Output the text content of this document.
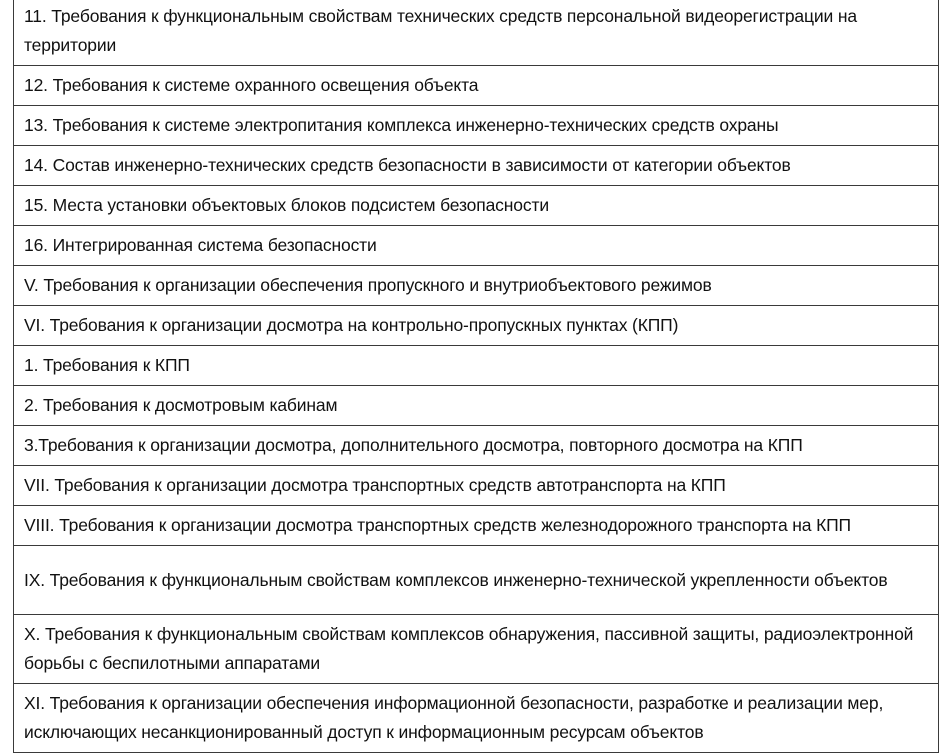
11. Требования к функциональным свойствам технических средств персональной видеорегистрации на территории
12. Требования к системе охранного освещения объекта
13. Требования к системе электропитания комплекса инженерно-технических средств охраны
14. Состав инженерно-технических средств безопасности в зависимости от категории объектов
15. Места установки объектовых блоков подсистем безопасности
16. Интегрированная система безопасности
V. Требования к организации обеспечения пропускного и внутриобъектового режимов
VI. Требования к организации досмотра на контрольно-пропускных пунктах (КПП)
1. Требования к КПП
2. Требования к досмотровым кабинам
3.Требования к организации досмотра, дополнительного досмотра, повторного досмотра на КПП
VII. Требования к организации досмотра транспортных средств автотранспорта на КПП
VIII. Требования к организации досмотра транспортных средств железнодорожного транспорта на КПП
IX. Требования к функциональным свойствам комплексов инженерно-технической укрепленности объектов
X. Требования к функциональным свойствам комплексов обнаружения, пассивной защиты, радиоэлектронной борьбы с беспилотными аппаратами
XI. Требования к организации обеспечения информационной безопасности, разработке и реализации мер, исключающих несанкционированный доступ к информационным ресурсам объектов
